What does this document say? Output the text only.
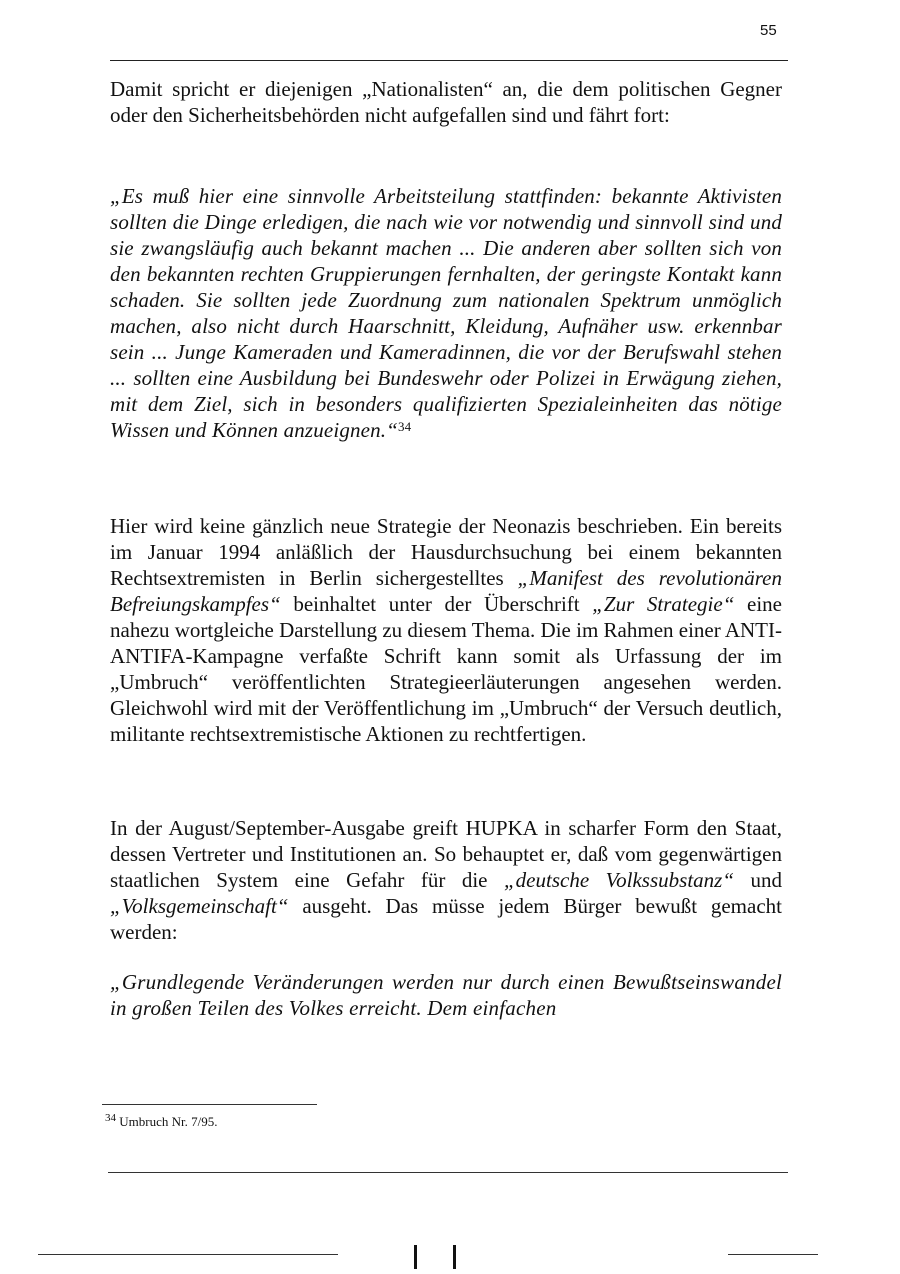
55

Damit spricht er diejenigen „Nationalisten“ an, die dem politischen Gegner oder den Sicherheitsbehörden nicht aufgefallen sind und fährt fort:

„Es muß hier eine sinnvolle Arbeitsteilung stattfinden: bekannte Aktivisten sollten die Dinge erledigen, die nach wie vor notwendig und sinnvoll sind und sie zwangsläufig auch bekannt machen ... Die anderen aber sollten sich von den bekannten rechten Gruppierungen fernhalten, der geringste Kontakt kann schaden. Sie sollten jede Zuordnung zum nationalen Spektrum unmöglich machen, also nicht durch Haarschnitt, Kleidung, Aufnäher usw. erkennbar sein ... Junge Kameraden und Kameradinnen, die vor der Berufswahl stehen ... sollten eine Ausbildung bei Bundeswehr oder Polizei in Erwägung ziehen, mit dem Ziel, sich in besonders qualifizierten Spezialeinheiten das nötige Wissen und Können anzueignen.“$^{34}$

Hier wird keine gänzlich neue Strategie der Neonazis beschrieben. Ein bereits im Januar 1994 anläßlich der Hausdurchsuchung bei einem bekannten Rechtsextremisten in Berlin sichergestelltes „Manifest des revolutionären Befreiungskampfes“ beinhaltet unter der Überschrift „Zur Strategie“ eine nahezu wortgleiche Darstellung zu diesem Thema. Die im Rahmen einer ANTI-ANTIFA-Kampagne verfaßte Schrift kann somit als Urfassung der im „Umbruch“ veröffentlichten Strategieerläuterungen angesehen werden. Gleichwohl wird mit der Veröffentlichung im „Umbruch“ der Versuch deutlich, militante rechtsextremistische Aktionen zu rechtfertigen.

In der August/September-Ausgabe greift HUPKA in scharfer Form den Staat, dessen Vertreter und Institutionen an. So behauptet er, daß vom gegenwärtigen staatlichen System eine Gefahr für die „deutsche Volkssubstanz“ und „Volksgemeinschaft“ ausgeht. Das müsse jedem Bürger bewußt gemacht werden:

„Grundlegende Veränderungen werden nur durch einen Bewußtseinswandel in großen Teilen des Volkes erreicht. Dem einfachen

$^{34}$ Umbruch Nr. 7/95.
